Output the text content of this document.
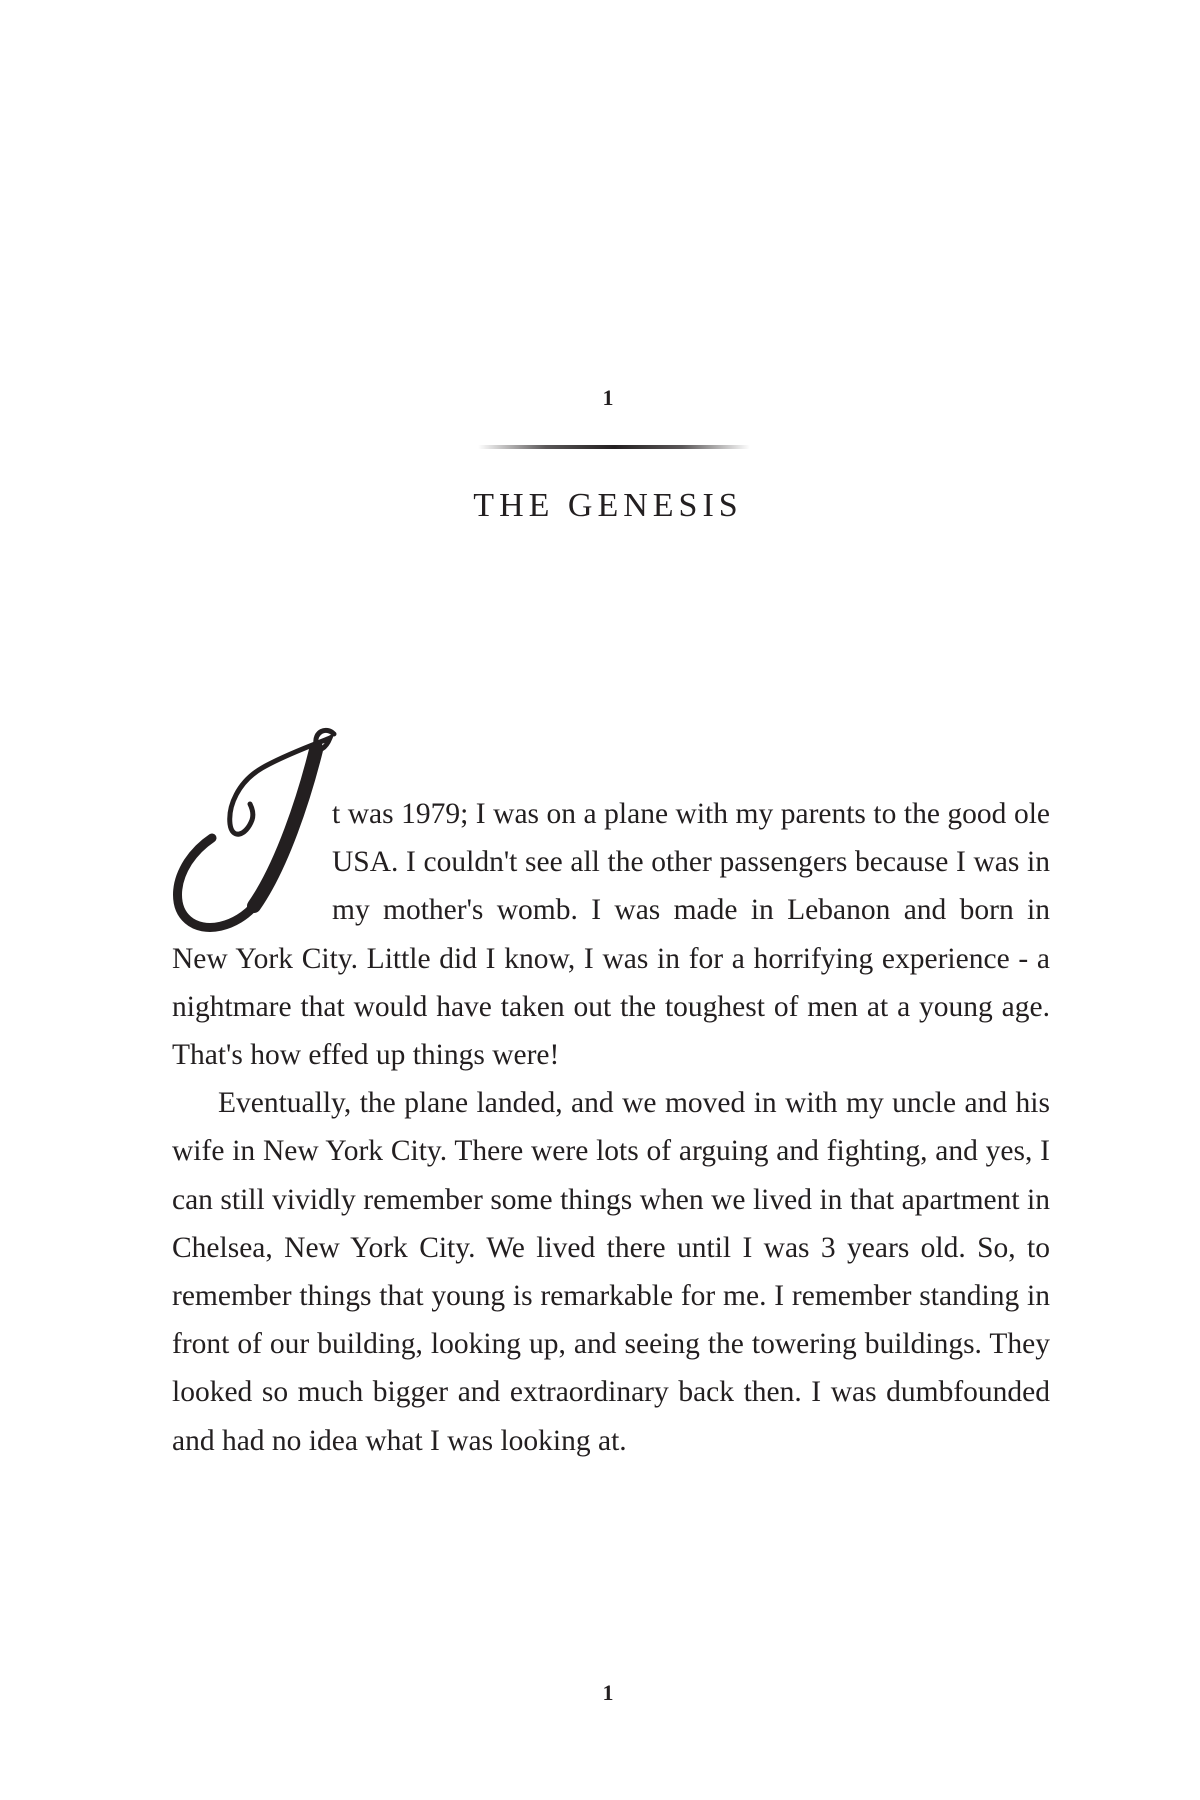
1
THE GENESIS

t was 1979; I was on a plane with my parents to the good ole USA. I couldn't see all the other passengers because I was in my mother's womb. I was made in Lebanon and born in New York City. Little did I know, I was in for a horrifying experience - a nightmare that would have taken out the toughest of men at a young age. That's how effed up things were!

Eventually, the plane landed, and we moved in with my uncle and his wife in New York City. There were lots of arguing and fighting, and yes, I can still vividly remember some things when we lived in that apartment in Chelsea, New York City. We lived there until I was 3 years old. So, to remember things that young is remarkable for me. I remember standing in front of our building, looking up, and seeing the towering buildings. They looked so much bigger and extraordinary back then. I was dumbfounded and had no idea what I was looking at.

1
